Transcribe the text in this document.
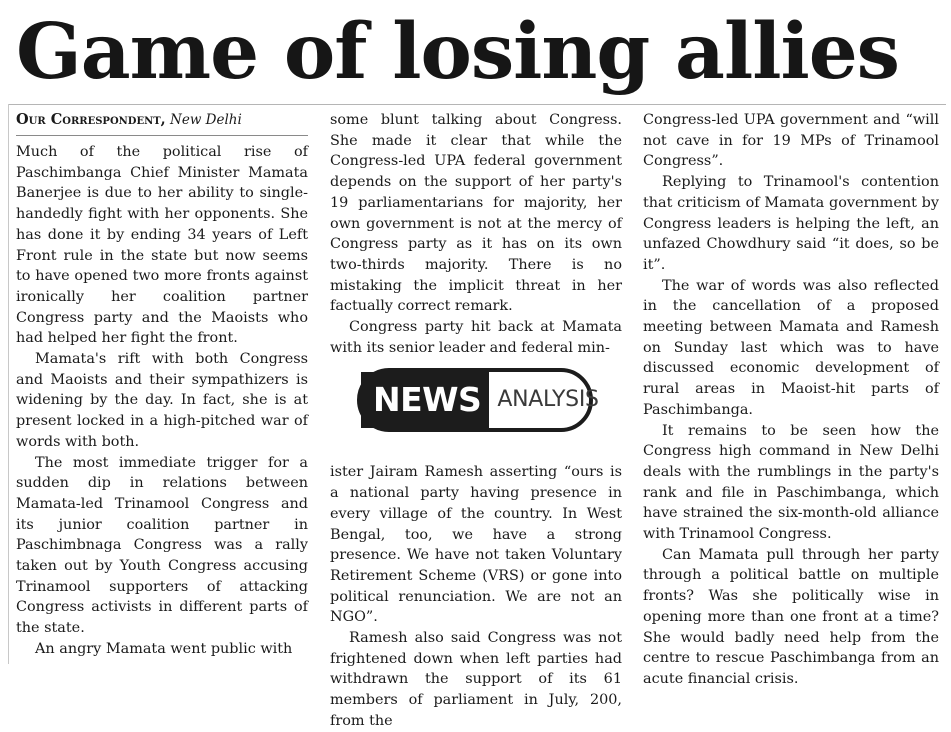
Game of losing allies
Our Correspondent, New Delhi

Much of the political rise of Paschimbanga Chief Minister Mamata Banerjee is due to her ability to single-handedly fight with her opponents. She has done it by ending 34 years of Left Front rule in the state but now seems to have opened two more fronts against ironically her coalition partner Congress party and the Maoists who had helped her fight the front.

Mamata's rift with both Congress and Maoists and their sympathizers is widening by the day. In fact, she is at present locked in a high-pitched war of words with both.

The most immediate trigger for a sudden dip in relations between Mamata-led Trinamool Congress and its junior coalition partner in Paschimbnaga Congress was a rally taken out by Youth Congress accusing Trinamool supporters of attacking Congress activists in different parts of the state.

An angry Mamata went public with

some blunt talking about Congress. She made it clear that while the Congress-led UPA federal government depends on the support of her party's 19 parliamentarians for majority, her own government is not at the mercy of Congress party as it has on its own two-thirds majority. There is no mistaking the implicit threat in her factually correct remark.

Congress party hit back at Mamata with its senior leader and federal min-

NEWS ANALYSIS

ister Jairam Ramesh asserting “ours is a national party having presence in every village of the country. In West Bengal, too, we have a strong presence. We have not taken Voluntary Retirement Scheme (VRS) or gone into political renunciation. We are not an NGO”.

Ramesh also said Congress was not frightened down when left parties had withdrawn the support of its 61 members of parliament in July, 200, from the

Congress-led UPA government and “will not cave in for 19 MPs of Trinamool Congress”.

Replying to Trinamool's contention that criticism of Mamata government by Congress leaders is helping the left, an unfazed Chowdhury said “it does, so be it”.

The war of words was also reflected in the cancellation of a proposed meeting between Mamata and Ramesh on Sunday last which was to have discussed economic development of rural areas in Maoist-hit parts of Paschimbanga.

It remains to be seen how the Congress high command in New Delhi deals with the rumblings in the party's rank and file in Paschimbanga, which have strained the six-month-old alliance with Trinamool Congress.

Can Mamata pull through her party through a political battle on multiple fronts? Was she politically wise in opening more than one front at a time? She would badly need help from the centre to rescue Paschimbanga from an acute financial crisis.
